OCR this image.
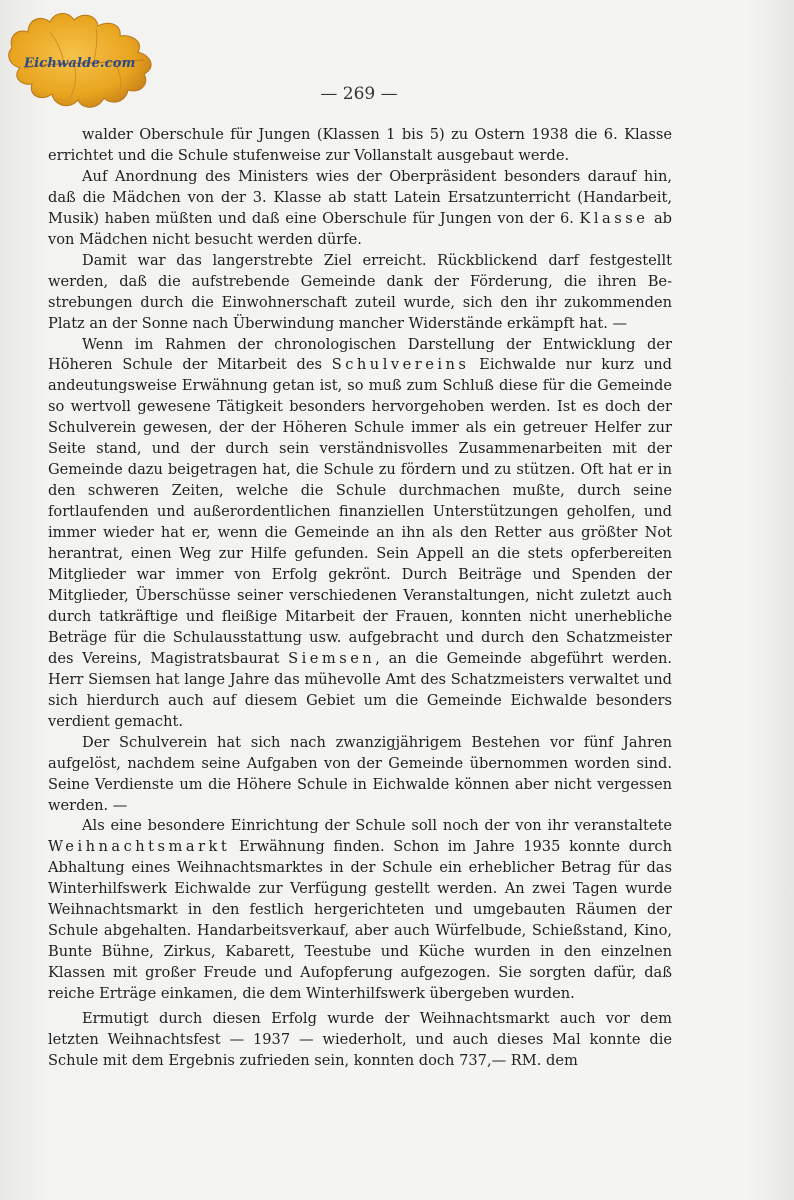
Eichwalde.com
— 269 —

walder Oberschule für Jungen (Klassen 1 bis 5) zu Ostern 1938 die 6. Klasse errichtet und die Schule stufenweise zur Vollanstalt ausgebaut werde.

Auf Anordnung des Ministers wies der Oberpräsident besonders darauf hin, daß die Mädchen von der 3. Klasse ab statt Latein Ersatzunterricht (Handarbeit, Musik) haben müßten und daß eine Oberschule für Jungen von der 6. Klasse ab von Mädchen nicht besucht werden dürfe.

Damit war das langerstrebte Ziel erreicht. Rückblickend darf festgestellt werden, daß die aufstrebende Gemeinde dank der Förderung, die ihren Bestrebungen durch die Einwohnerschaft zuteil wurde, sich den ihr zukommenden Platz an der Sonne nach Überwindung mancher Widerstände erkämpft hat. —

Wenn im Rahmen der chronologischen Darstellung der Entwicklung der Höheren Schule der Mitarbeit des Schulvereins Eichwalde nur kurz und andeutungsweise Erwähnung getan ist, so muß zum Schluß diese für die Gemeinde so wertvoll gewesene Tätigkeit besonders hervorgehoben werden. Ist es doch der Schulverein gewesen, der der Höheren Schule immer als ein getreuer Helfer zur Seite stand, und der durch sein verständnisvolles Zusammenarbeiten mit der Gemeinde dazu beigetragen hat, die Schule zu fördern und zu stützen. Oft hat er in den schweren Zeiten, welche die Schule durchmachen mußte, durch seine fortlaufenden und außerordentlichen finanziellen Unterstützungen geholfen, und immer wieder hat er, wenn die Gemeinde an ihn als den Retter aus größter Not herantrat, einen Weg zur Hilfe gefunden. Sein Appell an die stets opferbereiten Mitglieder war immer von Erfolg gekrönt. Durch Beiträge und Spenden der Mitglieder, Überschüsse seiner verschiedenen Veranstaltungen, nicht zuletzt auch durch tatkräftige und fleißige Mitarbeit der Frauen, konnten nicht unerhebliche Beträge für die Schulausstattung usw. aufgebracht und durch den Schatzmeister des Vereins, Magistratsbaurat Siemsen, an die Gemeinde abgeführt werden. Herr Siemsen hat lange Jahre das mühevolle Amt des Schatzmeisters verwaltet und sich hierdurch auch auf diesem Gebiet um die Gemeinde Eichwalde besonders verdient gemacht.

Der Schulverein hat sich nach zwanzigjährigem Bestehen vor fünf Jahren aufgelöst, nachdem seine Aufgaben von der Gemeinde übernommen worden sind. Seine Verdienste um die Höhere Schule in Eichwalde können aber nicht vergessen werden. —

Als eine besondere Einrichtung der Schule soll noch der von ihr veranstaltete Weihnachtsmarkt Erwähnung finden. Schon im Jahre 1935 konnte durch Abhaltung eines Weihnachtsmarktes in der Schule ein erheblicher Betrag für das Winterhilfswerk Eichwalde zur Verfügung gestellt werden. An zwei Tagen wurde Weihnachtsmarkt in den festlich hergerichteten und umgebauten Räumen der Schule abgehalten. Handarbeitsverkauf, aber auch Würfelbude, Schießstand, Kino, Bunte Bühne, Zirkus, Kabarett, Teestube und Küche wurden in den einzelnen Klassen mit großer Freude und Aufopferung aufgezogen. Sie sorgten dafür, daß reiche Erträge einkamen, die dem Winterhilfswerk übergeben wurden.

Ermutigt durch diesen Erfolg wurde der Weihnachtsmarkt auch vor dem letzten Weihnachtsfest — 1937 — wiederholt, und auch dieses Mal konnte die Schule mit dem Ergebnis zufrieden sein, konnten doch 737,— RM. dem
